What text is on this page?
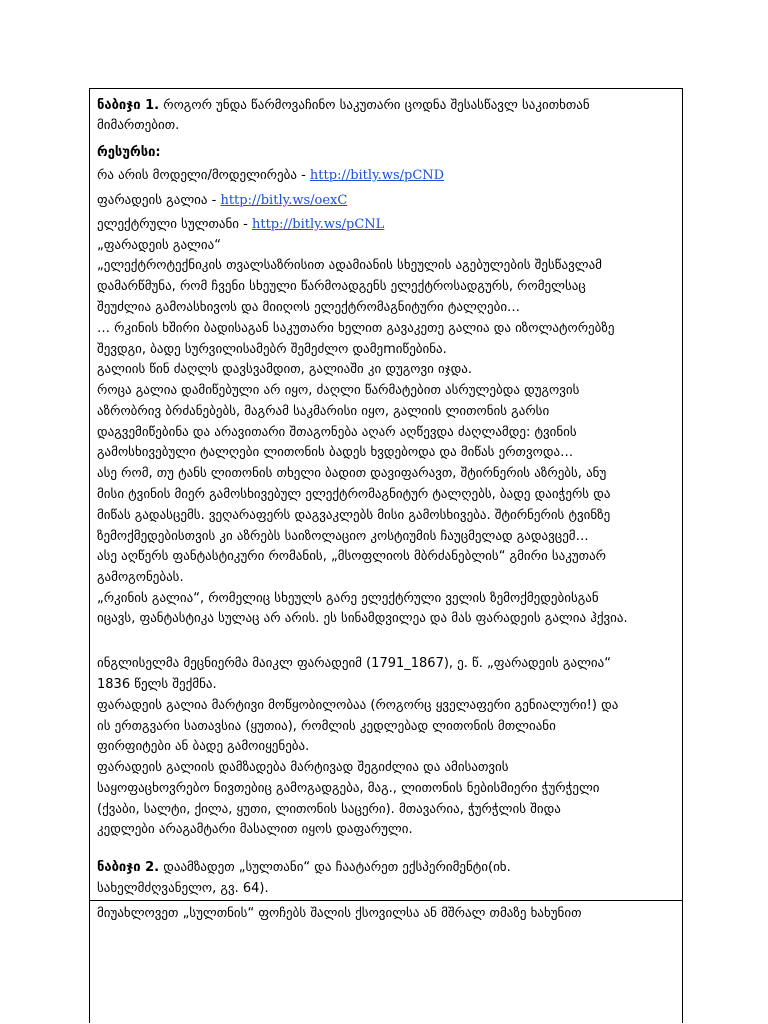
ნაბიჯი 1. როგორ უნდა წარმოვაჩინო საკუთარი ცოდნა შესასწავლ საკითხთან
მიმართებით.
რესურსი:
რა არის მოდელი/მოდელირება - http://bitly.ws/pCND
ფარადეის გალია - http://bitly.ws/oexC
ელექტრული სულთანი - http://bitly.ws/pCNL
„ფარადეის გალია“
„ელექტროტექნიკის თვალსაზრისით ადამიანის სხეულის აგებულების შესწავლამ
დამარწმუნა, რომ ჩვენი სხეული წარმოადგენს ელექტროსადგურს, რომელსაც
შეუძლია გამოასხივოს და მიიღოს ელექტრომაგნიტური ტალღები…
… რკინის ხშირი ბადისაგან საკუთარი ხელით გავაკეთე გალია და იზოლატორებზე
შევდგი, ბადე სურვილისამებრ შემეძლო დამეmიწებინა.
გალიის წინ ძაღლს დავსვამდით, გალიაში კი დუგოვი იჯდა.
როცა გალია დამიწებული არ იყო, ძაღლი წარმატებით ასრულებდა დუგოვის
აზრობრივ ბრძანებებს, მაგრამ საკმარისი იყო, გალიის ლითონის გარსი
დაგვემიწებინა და არავითარი შთაგონება აღარ აღწევდა ძაღლამდე: ტვინის
გამოსხივებული ტალღები ლითონის ბადეს ხვდებოდა და მიწას ერთვოდა…
ასე რომ, თუ ტანს ლითონის თხელი ბადით დავიფარავთ, შტირნერის აზრებს, ანუ
მისი ტვინის მიერ გამოსხივებულ ელექტრომაგნიტურ ტალღებს, ბადე დაიჭერს და
მიწას გადასცემს. ვეღარაფერს დაგვაკლებს მისი გამოსხივება. შტირნერის ტვინზე
ზემოქმედებისთვის კი აზრებს საიზოლაციო კოსტიუმის ჩაუცმელად გადავცემ…
ასე აღწერს ფანტასტიკური რომანის, „მსოფლიოს მბრძანებლის“ გმირი საკუთარ
გამოგონებას.
„რკინის გალია“, რომელიც სხეულს გარე ელექტრული ველის ზემოქმედებისგან
იცავს, ფანტასტიკა სულაც არ არის. ეს სინამდვილეა და მას ფარადეის გალია ჰქვია.
ინგლისელმა მეცნიერმა მაიკლ ფარადეიმ (1791_1867), ე. წ. „ფარადეის გალია“
1836 წელს შექმნა.
ფარადეის გალია მარტივი მოწყობილობაა (როგორც ყველაფერი გენიალური!) და
ის ერთგვარი სათავსია (ყუთია), რომლის კედლებად ლითონის მთლიანი
ფირფიტები ან ბადე გამოიყენება.
ფარადეის გალიის დამზადება მარტივად შეგიძლია და ამისათვის
საყოფაცხოვრებო ნივთებიც გამოგადგება, მაგ., ლითონის ნებისმიერი ჭურჭელი
(ქვაბი, სალტი, ქილა, ყუთი, ლითონის საცერი). მთავარია, ჭურჭლის შიდა
კედლები არაგამტარი მასალით იყოს დაფარული.
ნაბიჯი 2. დაამზადეთ „სულთანი“ და ჩაატარეთ ექსპერიმენტი(იხ.
სახელმძღვანელო, გვ. 64).
მიუახლოვეთ „სულთნის“ ფოჩებს შალის ქსოვილსა ან მშრალ თმაზე ხახუნით
